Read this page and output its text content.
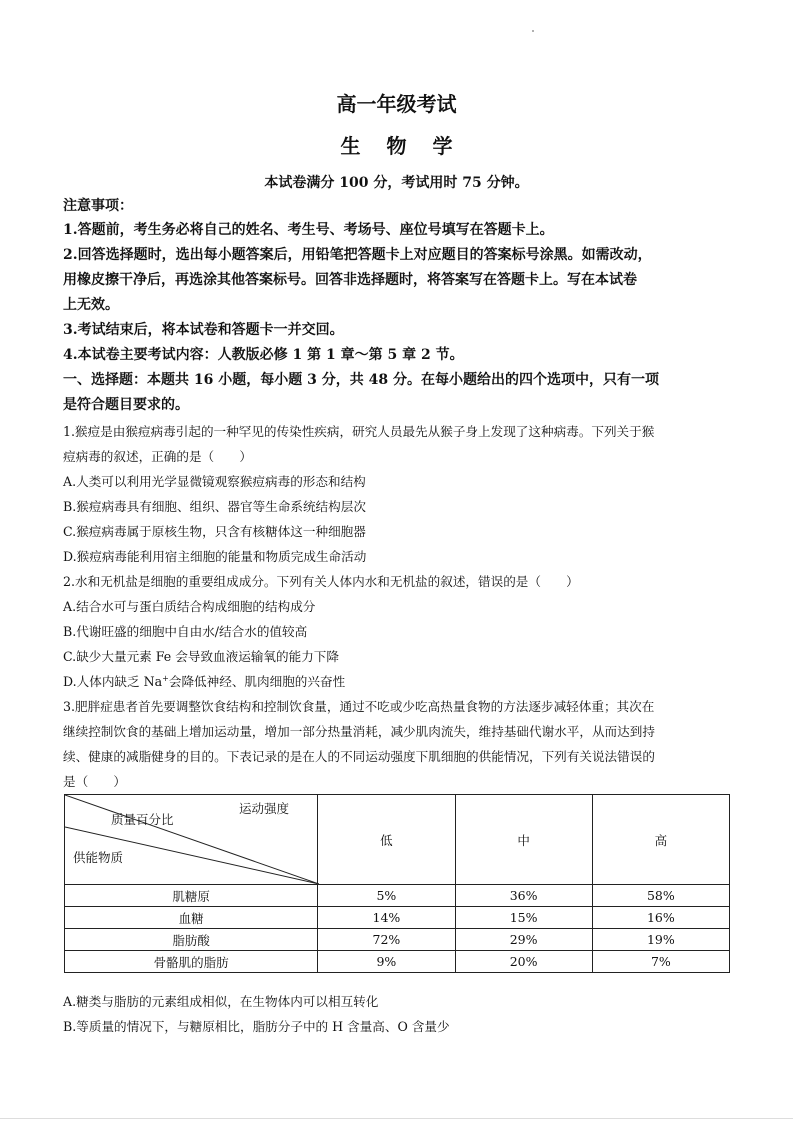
高一年级考试
生物学
本试卷满分 100 分，考试用时 75 分钟。
注意事项：
1.答题前，考生务必将自己的姓名、考生号、考场号、座位号填写在答题卡上。
2.回答选择题时，选出每小题答案后，用铅笔把答题卡上对应题目的答案标号涂黑。如需改动，
用橡皮擦干净后，再选涂其他答案标号。回答非选择题时，将答案写在答题卡上。写在本试卷
上无效。
3.考试结束后，将本试卷和答题卡一并交回。
4.本试卷主要考试内容：人教版必修 1 第 1 章～第 5 章 2 节。
一、选择题：本题共 16 小题，每小题 3 分，共 48 分。在每小题给出的四个选项中，只有一项
是符合题目要求的。
1.猴痘是由猴痘病毒引起的一种罕见的传染性疾病，研究人员最先从猴子身上发现了这种病毒。下列关于猴
痘病毒的叙述，正确的是（　　）
A.人类可以利用光学显微镜观察猴痘病毒的形态和结构
B.猴痘病毒具有细胞、组织、器官等生命系统结构层次
C.猴痘病毒属于原核生物，只含有核糖体这一种细胞器
D.猴痘病毒能利用宿主细胞的能量和物质完成生命活动
2.水和无机盐是细胞的重要组成成分。下列有关人体内水和无机盐的叙述，错误的是（　　）
A.结合水可与蛋白质结合构成细胞的结构成分
B.代谢旺盛的细胞中自由水/结合水的值较高
C.缺少大量元素 Fe 会导致血液运输氧的能力下降
D.人体内缺乏 Na+会降低神经、肌肉细胞的兴奋性
3.肥胖症患者首先要调整饮食结构和控制饮食量，通过不吃或少吃高热量食物的方法逐步减轻体重；其次在
继续控制饮食的基础上增加运动量，增加一部分热量消耗，减少肌肉流失，维持基础代谢水平，从而达到持
续、健康的减脂健身的目的。下表记录的是在人的不同运动强度下肌细胞的供能情况，下列有关说法错误的
是（　　）
运动强度
质量百分比
供能物质	低	中	高
肌糖原	5%	36%	58%
血糖	14%	15%	16%
脂肪酸	72%	29%	19%
骨骼肌的脂肪	9%	20%	7%
A.糖类与脂肪的元素组成相似，在生物体内可以相互转化
B.等质量的情况下，与糖原相比，脂肪分子中的 H 含量高、O 含量少
